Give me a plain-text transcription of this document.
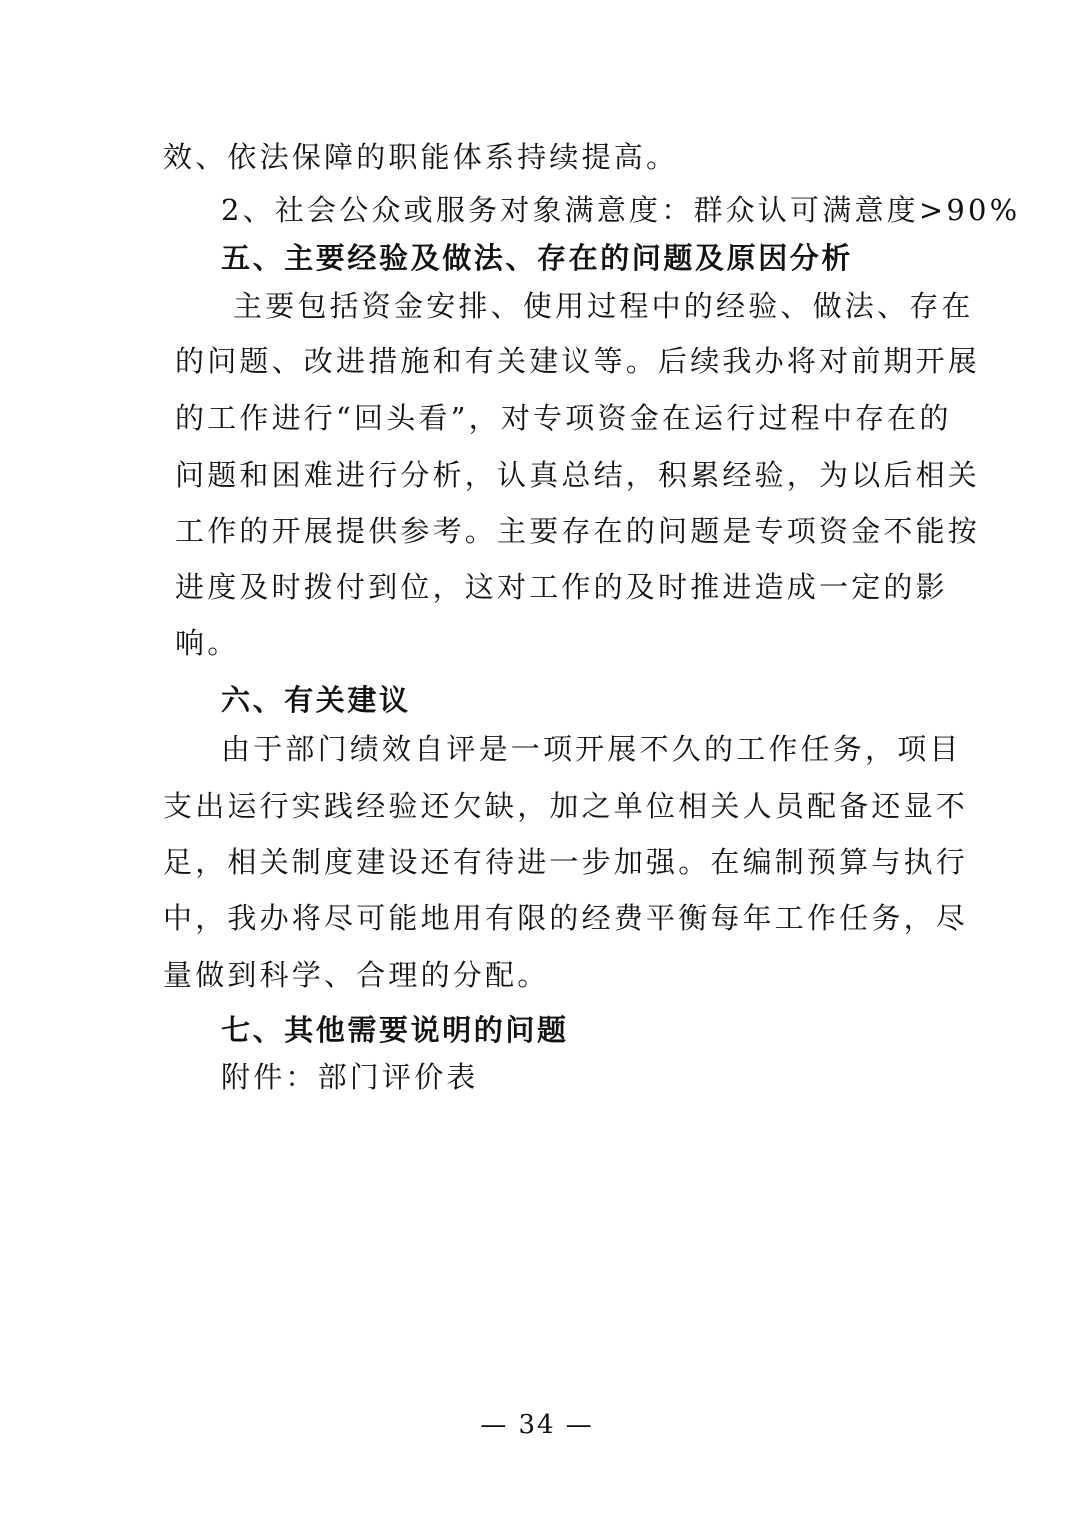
效、依法保障的职能体系持续提高。
2、社会公众或服务对象满意度：群众认可满意度>90%
五、主要经验及做法、存在的问题及原因分析
主要包括资金安排、使用过程中的经验、做法、存在
的问题、改进措施和有关建议等。后续我办将对前期开展
的工作进行“回头看”，对专项资金在运行过程中存在的
问题和困难进行分析，认真总结，积累经验，为以后相关
工作的开展提供参考。主要存在的问题是专项资金不能按
进度及时拨付到位，这对工作的及时推进造成一定的影
响。
六、有关建议
由于部门绩效自评是一项开展不久的工作任务，项目
支出运行实践经验还欠缺，加之单位相关人员配备还显不
足，相关制度建设还有待进一步加强。在编制预算与执行
中，我办将尽可能地用有限的经费平衡每年工作任务，尽
量做到科学、合理的分配。
七、其他需要说明的问题
附件：部门评价表
— 34 —
